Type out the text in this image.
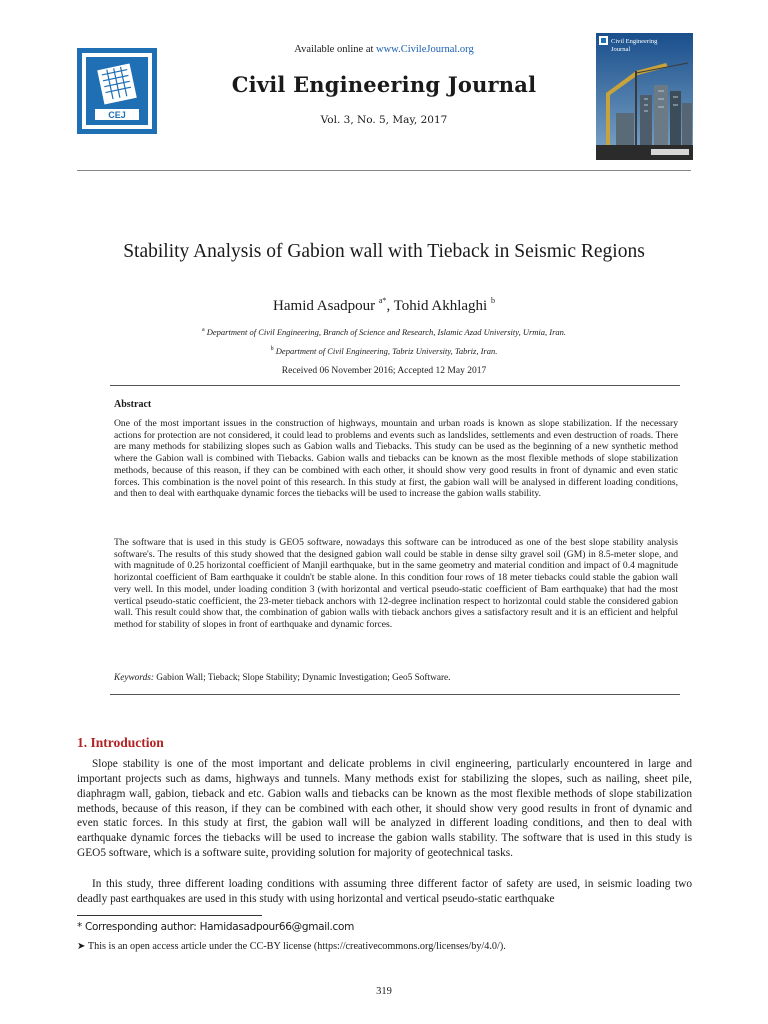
Available online at www.CivileJournal.org
CEJ
Civil Engineering Journal
Vol. 3, No. 5, May, 2017
Civil Engineering
Journal
Stability Analysis of Gabion wall with Tieback in Seismic Regions
Hamid Asadpour $^{a*}$, Tohid Akhlaghi $^b$
$^a$ Department of Civil Engineering, Branch of Science and Research, Islamic Azad University, Urmia, Iran.
$^b$ Department of Civil Engineering, Tabriz University, Tabriz, Iran.
Received 06 November 2016; Accepted 12 May 2017
Abstract

One of the most important issues in the construction of highways, mountain and urban roads is known as slope stabilization. If the necessary actions for protection are not considered, it could lead to problems and events such as landslides, settlements and even destruction of roads. There are many methods for stabilizing slopes such as Gabion walls and Tiebacks. This study can be used as the beginning of a new synthetic method where the Gabion wall is combined with Tiebacks. Gabion walls and tiebacks can be known as the most flexible methods of slope stabilization methods, because of this reason, if they can be combined with each other, it should show very good results in front of dynamic and even static forces. This combination is the novel point of this research. In this study at first, the gabion wall will be analysed in different loading conditions, and then to deal with earthquake dynamic forces the tiebacks will be used to increase the gabion walls stability.

The software that is used in this study is GEO5 software, nowadays this software can be introduced as one of the best slope stability analysis software's. The results of this study showed that the designed gabion wall could be stable in dense silty gravel soil (GM) in 8.5-meter slope, and with magnitude of 0.25 horizontal coefficient of Manjil earthquake, but in the same geometry and material condition and impact of 0.4 magnitude horizontal coefficient of Bam earthquake it couldn't be stable alone. In this condition four rows of 18 meter tiebacks could stable the gabion wall very well. In this model, under loading condition 3 (with horizontal and vertical pseudo-static coefficient of Bam earthquake) that had the most vertical pseudo-static coefficient, the 23-meter tieback anchors with 12-degree inclination respect to horizontal could stable the considered gabion wall. This result could show that, the combination of gabion walls with tieback anchors gives a satisfactory result and it is an efficient and helpful method for stability of slopes in front of earthquake and dynamic forces.

Keywords: Gabion Wall; Tieback; Slope Stability; Dynamic Investigation; Geo5 Software.
1. Introduction

Slope stability is one of the most important and delicate problems in civil engineering, particularly encountered in large and important projects such as dams, highways and tunnels. Many methods exist for stabilizing the slopes, such as nailing, sheet pile, diaphragm wall, gabion, tieback and etc. Gabion walls and tiebacks can be known as the most flexible methods of slope stabilization methods, because of this reason, if they can be combined with each other, it should show very good results in front of dynamic and even static forces. In this study at first, the gabion wall will be analyzed in different loading conditions, and then to deal with earthquake dynamic forces the tiebacks will be used to increase the gabion walls stability. The software that is used in this study is GEO5 software, which is a software suite, providing solution for majority of geotechnical tasks.

In this study, three different loading conditions with assuming three different factor of safety are used, in seismic loading two deadly past earthquakes are used in this study with using horizontal and vertical pseudo-static earthquake

* Corresponding author: Hamidasadpour66@gmail.com
➤ This is an open access article under the CC-BY license (https://creativecommons.org/licenses/by/4.0/).
319
